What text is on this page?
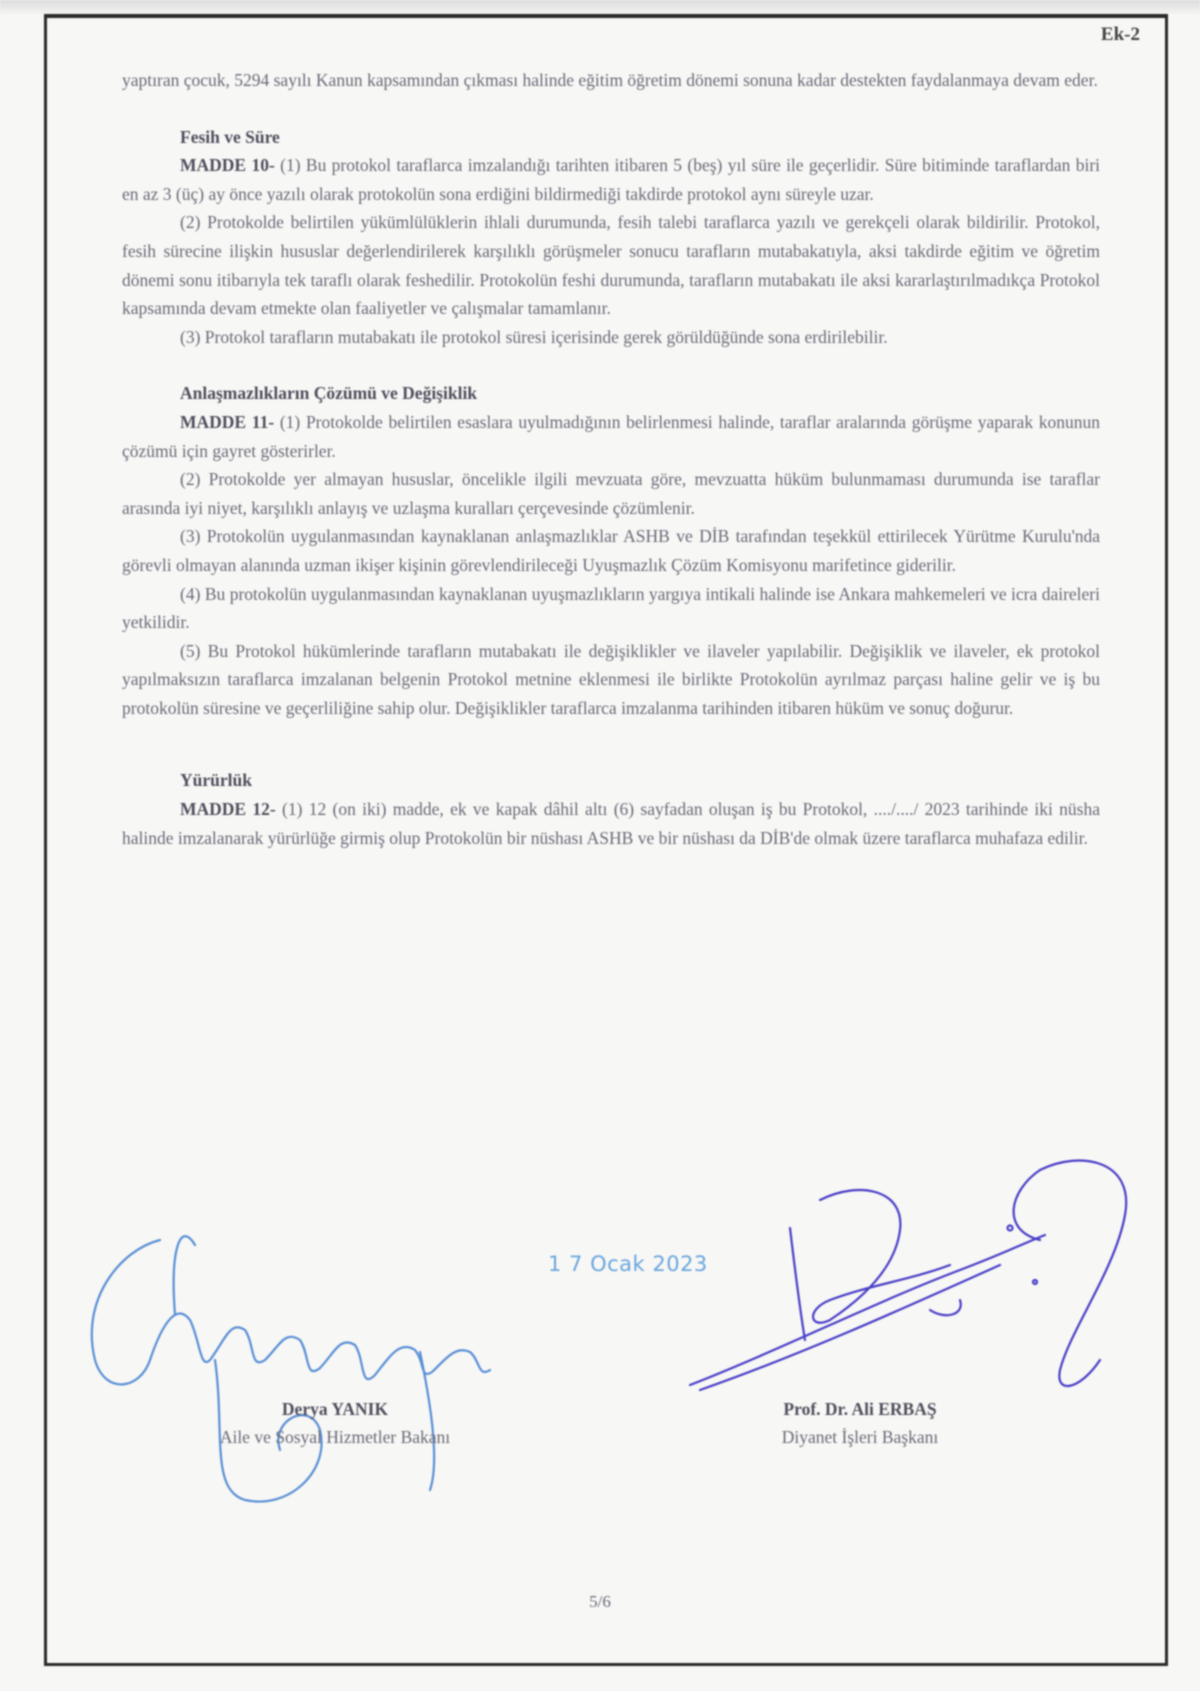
Ek-2

yaptıran çocuk, 5294 sayılı Kanun kapsamından çıkması halinde eğitim öğretim dönemi sonuna kadar destekten faydalanmaya devam eder.

Fesih ve Süre

MADDE 10- (1) Bu protokol taraflarca imzalandığı tarihten itibaren 5 (beş) yıl süre ile geçerlidir. Süre bitiminde taraflardan biri en az 3 (üç) ay önce yazılı olarak protokolün sona erdiğini bildirmediği takdirde protokol aynı süreyle uzar.

(2) Protokolde belirtilen yükümlülüklerin ihlali durumunda, fesih talebi taraflarca yazılı ve gerekçeli olarak bildirilir. Protokol, fesih sürecine ilişkin hususlar değerlendirilerek karşılıklı görüşmeler sonucu tarafların mutabakatıyla, aksi takdirde eğitim ve öğretim dönemi sonu itibarıyla tek taraflı olarak feshedilir. Protokolün feshi durumunda, tarafların mutabakatı ile aksi kararlaştırılmadıkça Protokol kapsamında devam etmekte olan faaliyetler ve çalışmalar tamamlanır.

(3) Protokol tarafların mutabakatı ile protokol süresi içerisinde gerek görüldüğünde sona erdirilebilir.

Anlaşmazlıkların Çözümü ve Değişiklik

MADDE 11- (1) Protokolde belirtilen esaslara uyulmadığının belirlenmesi halinde, taraflar aralarında görüşme yaparak konunun çözümü için gayret gösterirler.

(2) Protokolde yer almayan hususlar, öncelikle ilgili mevzuata göre, mevzuatta hüküm bulunmaması durumunda ise taraflar arasında iyi niyet, karşılıklı anlayış ve uzlaşma kuralları çerçevesinde çözümlenir.

(3) Protokolün uygulanmasından kaynaklanan anlaşmazlıklar ASHB ve DİB tarafından teşekkül ettirilecek Yürütme Kurulu'nda görevli olmayan alanında uzman ikişer kişinin görevlendirileceği Uyuşmazlık Çözüm Komisyonu marifetince giderilir.

(4) Bu protokolün uygulanmasından kaynaklanan uyuşmazlıkların yargıya intikali halinde ise Ankara mahkemeleri ve icra daireleri yetkilidir.

(5) Bu Protokol hükümlerinde tarafların mutabakatı ile değişiklikler ve ilaveler yapılabilir. Değişiklik ve ilaveler, ek protokol yapılmaksızın taraflarca imzalanan belgenin Protokol metnine eklenmesi ile birlikte Protokolün ayrılmaz parçası haline gelir ve iş bu protokolün süresine ve geçerliliğine sahip olur. Değişiklikler taraflarca imzalanma tarihinden itibaren hüküm ve sonuç doğurur.

Yürürlük

MADDE 12- (1) 12 (on iki) madde, ek ve kapak dâhil altı (6) sayfadan oluşan iş bu Protokol, ..../..../ 2023 tarihinde iki nüsha halinde imzalanarak yürürlüğe girmiş olup Protokolün bir nüshası ASHB ve bir nüshası da DİB'de olmak üzere taraflarca muhafaza edilir.

1 7 Ocak 2023
Derya YANIK
Aile ve Sosyal Hizmetler Bakanı
Prof. Dr. Ali ERBAŞ
Diyanet İşleri Başkanı
5/6
